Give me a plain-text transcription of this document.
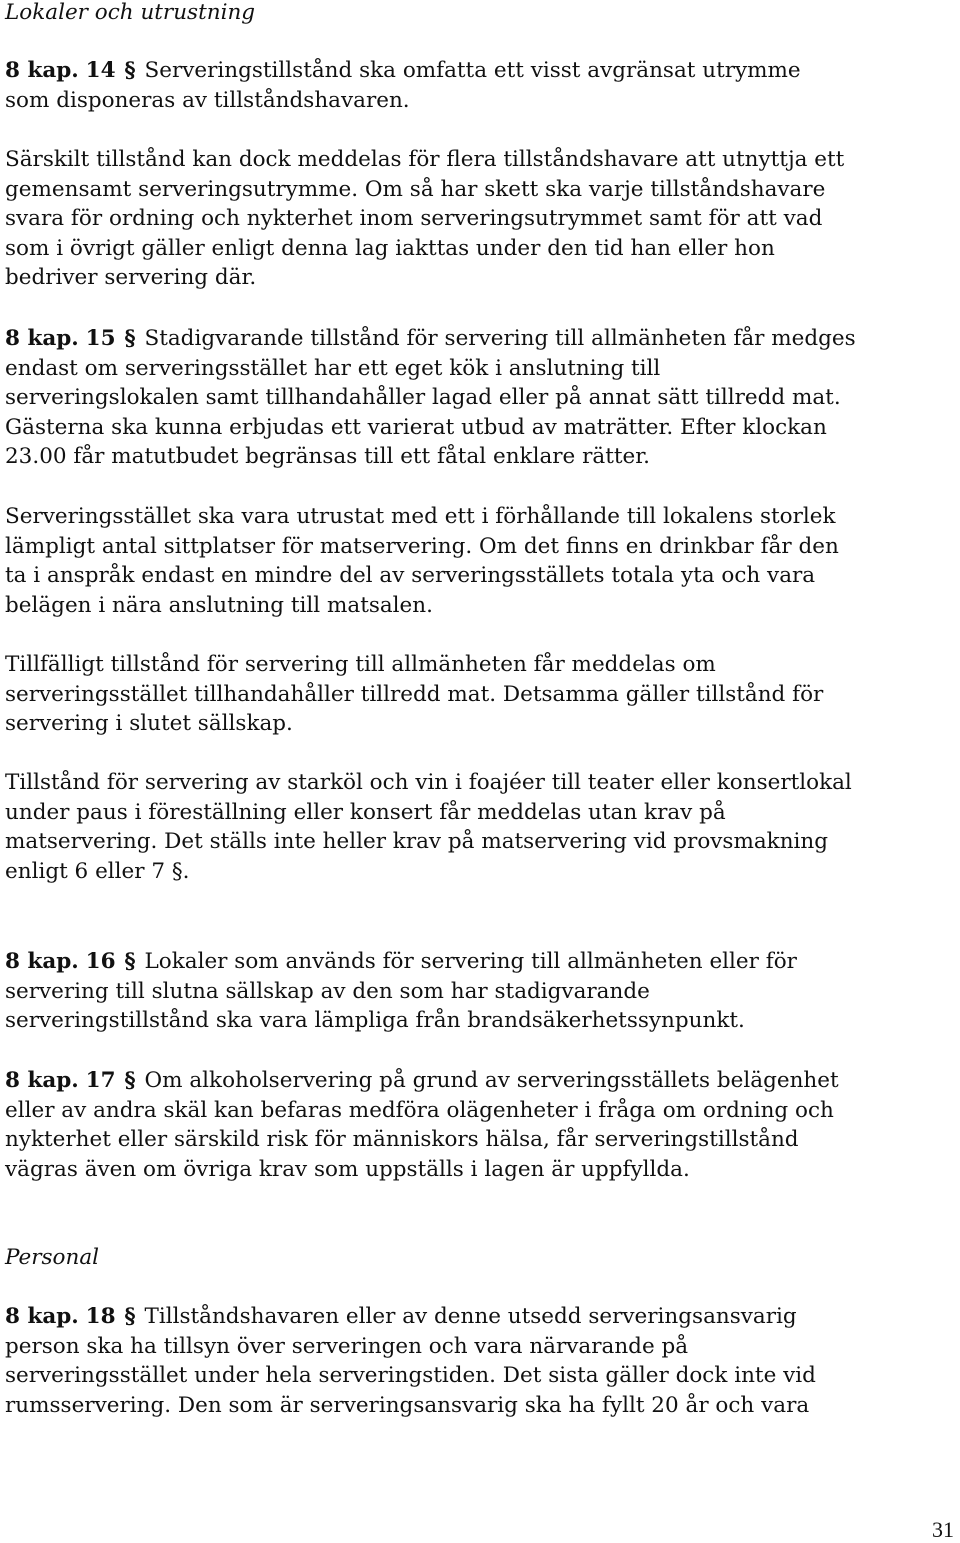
Lokaler och utrustning
8 kap. 14 § Serveringstillstånd ska omfatta ett visst avgränsat utrymme
som disponeras av tillståndshavaren.
Särskilt tillstånd kan dock meddelas för flera tillståndshavare att utnyttja ett
gemensamt serveringsutrymme. Om så har skett ska varje tillståndshavare
svara för ordning och nykterhet inom serveringsutrymmet samt för att vad
som i övrigt gäller enligt denna lag iakttas under den tid han eller hon
bedriver servering där.
8 kap. 15 § Stadigvarande tillstånd för servering till allmänheten får medges
endast om serveringsstället har ett eget kök i anslutning till
serveringslokalen samt tillhandahåller lagad eller på annat sätt tillredd mat.
Gästerna ska kunna erbjudas ett varierat utbud av maträtter. Efter klockan
23.00 får matutbudet begränsas till ett fåtal enklare rätter.
Serveringsstället ska vara utrustat med ett i förhållande till lokalens storlek
lämpligt antal sittplatser för matservering. Om det finns en drinkbar får den
ta i anspråk endast en mindre del av serveringsställets totala yta och vara
belägen i nära anslutning till matsalen.
Tillfälligt tillstånd för servering till allmänheten får meddelas om
serveringsstället tillhandahåller tillredd mat. Detsamma gäller tillstånd för
servering i slutet sällskap.
Tillstånd för servering av starköl och vin i foajéer till teater eller konsertlokal
under paus i föreställning eller konsert får meddelas utan krav på
matservering. Det ställs inte heller krav på matservering vid provsmakning
enligt 6 eller 7 §.
8 kap. 16 § Lokaler som används för servering till allmänheten eller för
servering till slutna sällskap av den som har stadigvarande
serveringstillstånd ska vara lämpliga från brandsäkerhetssynpunkt.
8 kap. 17 § Om alkoholservering på grund av serveringsställets belägenhet
eller av andra skäl kan befaras medföra olägenheter i fråga om ordning och
nykterhet eller särskild risk för människors hälsa, får serveringstillstånd
vägras även om övriga krav som uppställs i lagen är uppfyllda.
Personal
8 kap. 18 § Tillståndshavaren eller av denne utsedd serveringsansvarig
person ska ha tillsyn över serveringen och vara närvarande på
serveringsstället under hela serveringstiden. Det sista gäller dock inte vid
rumsservering. Den som är serveringsansvarig ska ha fyllt 20 år och vara
31
